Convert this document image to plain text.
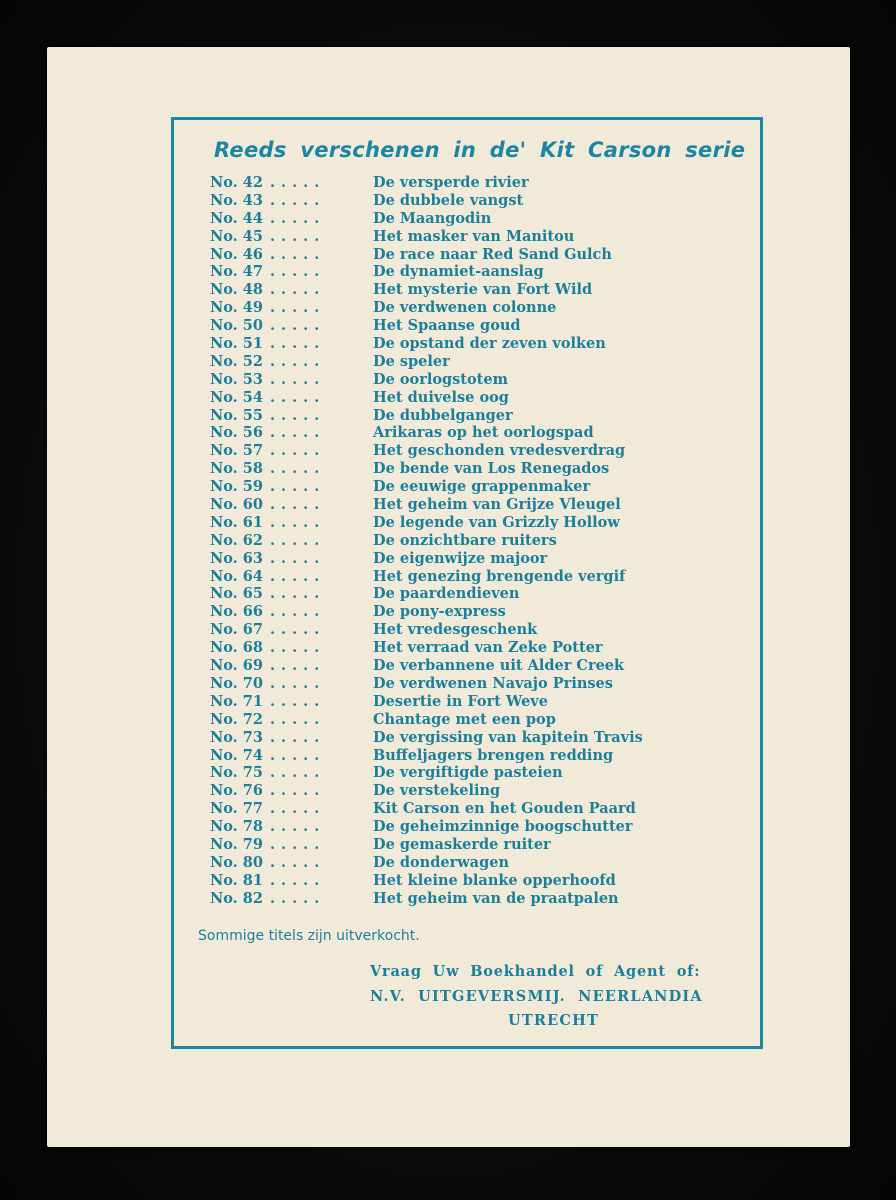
Reeds verschenen in de' Kit Carson serie
No. 42 .....	De versperde rivier
No. 43 .....	De dubbele vangst
No. 44 .....	De Maangodin
No. 45 .....	Het masker van Manitou
No. 46 .....	De race naar Red Sand Gulch
No. 47 .....	De dynamiet-aanslag
No. 48 .....	Het mysterie van Fort Wild
No. 49 .....	De verdwenen colonne
No. 50 .....	Het Spaanse goud
No. 51 .....	De opstand der zeven volken
No. 52 .....	De speler
No. 53 .....	De oorlogstotem
No. 54 .....	Het duivelse oog
No. 55 .....	De dubbelganger
No. 56 .....	Arikaras op het oorlogspad
No. 57 .....	Het geschonden vredesverdrag
No. 58 .....	De bende van Los Renegados
No. 59 .....	De eeuwige grappenmaker
No. 60 .....	Het geheim van Grijze Vleugel
No. 61 .....	De legende van Grizzly Hollow
No. 62 .....	De onzichtbare ruiters
No. 63 .....	De eigenwijze majoor
No. 64 .....	Het genezing brengende vergif
No. 65 .....	De paardendieven
No. 66 .....	De pony-express
No. 67 .....	Het vredesgeschenk
No. 68 .....	Het verraad van Zeke Potter
No. 69 .....	De verbannene uit Alder Creek
No. 70 .....	De verdwenen Navajo Prinses
No. 71 .....	Desertie in Fort Weve
No. 72 .....	Chantage met een pop
No. 73 .....	De vergissing van kapitein Travis
No. 74 .....	Buffeljagers brengen redding
No. 75 .....	De vergiftigde pasteien
No. 76 .....	De verstekeling
No. 77 .....	Kit Carson en het Gouden Paard
No. 78 .....	De geheimzinnige boogschutter
No. 79 .....	De gemaskerde ruiter
No. 80 .....	De donderwagen
No. 81 .....	Het kleine blanke opperhoofd
No. 82 .....	Het geheim van de praatpalen
Sommige titels zijn uitverkocht.
Vraag Uw Boekhandel of Agent of:
N.V. UITGEVERSMIJ. NEERLANDIA
UTRECHT
